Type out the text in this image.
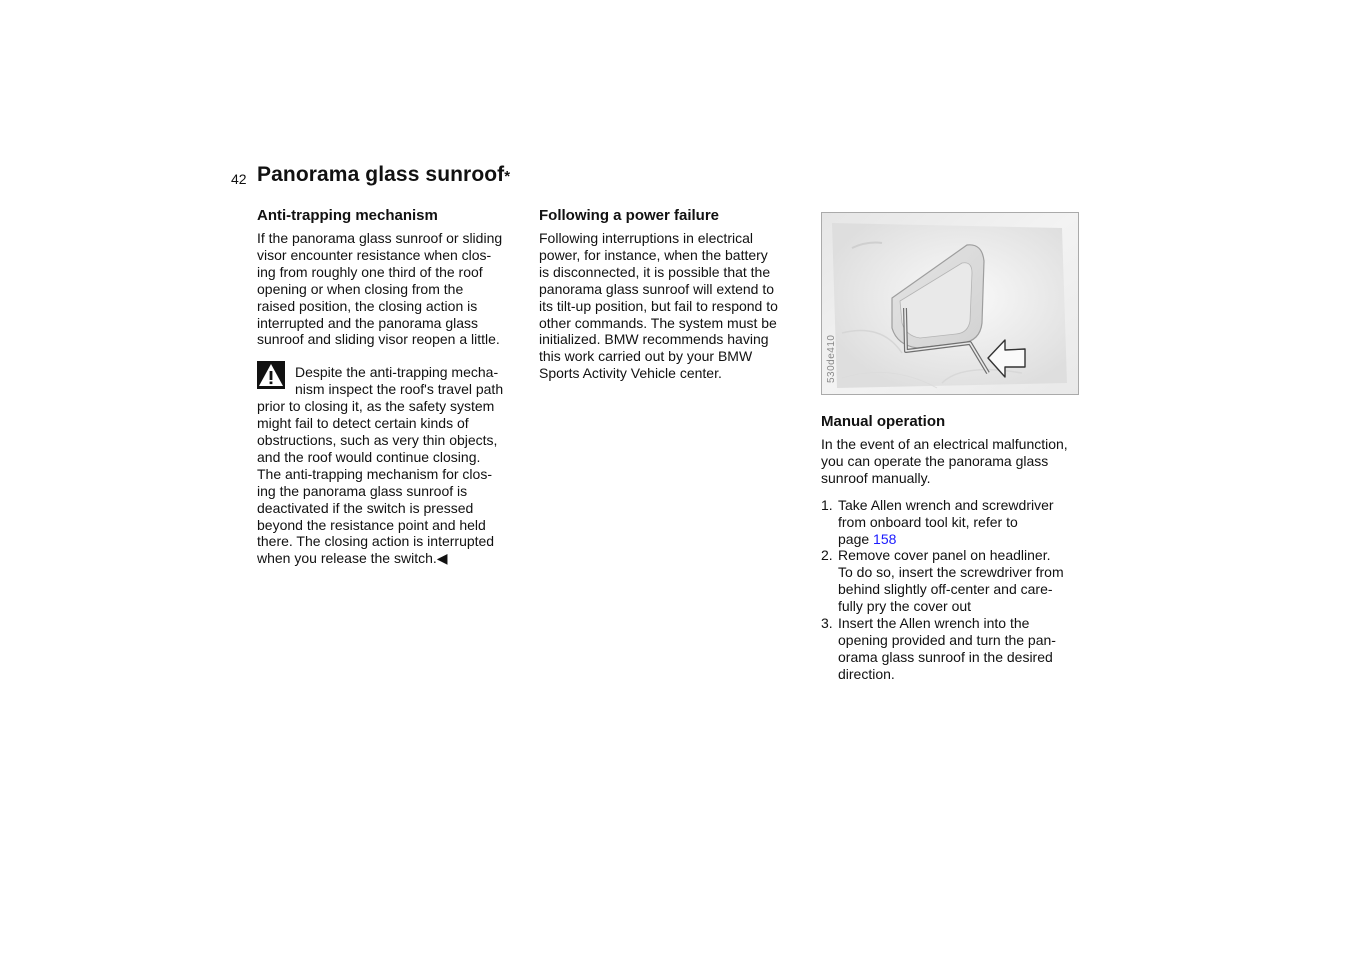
42 Panorama glass sunroof*
Anti-trapping mechanism

If the panorama glass sunroof or sliding
visor encounter resistance when clos-
ing from roughly one third of the roof
opening or when closing from the
raised position, the closing action is
interrupted and the panorama glass
sunroof and sliding visor reopen a little.

Despite the anti-trapping mecha-
nism inspect the roof's travel path
prior to closing it, as the safety system
might fail to detect certain kinds of
obstructions, such as very thin objects,
and the roof would continue closing.
The anti-trapping mechanism for clos-
ing the panorama glass sunroof is
deactivated if the switch is pressed
beyond the resistance point and held
there. The closing action is interrupted
when you release the switch.◀
Following a power failure

Following interruptions in electrical
power, for instance, when the battery
is disconnected, it is possible that the
panorama glass sunroof will extend to
its tilt-up position, but fail to respond to
other commands. The system must be
initialized. BMW recommends having
this work carried out by your BMW
Sports Activity Vehicle center.	530de410
Manual operation

In the event of an electrical malfunction,
you can operate the panorama glass
sunroof manually.

1. Take Allen wrench and screwdriver
from onboard tool kit, refer to
page 158
2. Remove cover panel on headliner.
To do so, insert the screwdriver from
behind slightly off-center and care-
fully pry the cover out
3. Insert the Allen wrench into the
opening provided and turn the pan-
orama glass sunroof in the desired
direction.
